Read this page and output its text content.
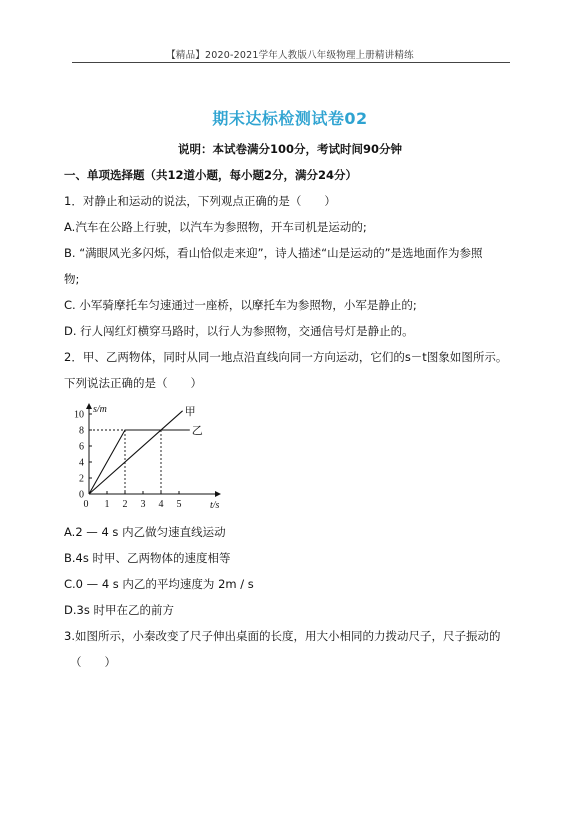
【精品】2020-2021学年人教版八年级物理上册精讲精练
期末达标检测试卷02
说明：本试卷满分100分，考试时间90分钟
一、单项选择题（共12道小题，每小题2分，满分24分）
1．对静止和运动的说法，下列观点正确的是（　　）
A.汽车在公路上行驶，以汽车为参照物，开车司机是运动的;
B. “满眼风光多闪烁，看山恰似走来迎”，诗人描述“山是运动的”是选地面作为参照
物;
C. 小军骑摩托车匀速通过一座桥，以摩托车为参照物，小军是静止的;
D. 行人闯红灯横穿马路时，以行人为参照物，交通信号灯是静止的。
2．甲、乙两物体，同时从同一地点沿直线向同一方向运动，它们的s－t图象如图所示。
下列说法正确的是（　　）
0
2
4
6
8
10
0 1 2 3 4 5
甲
乙
s/m
t/s
A.2 — 4 s 内乙做匀速直线运动
B.4s 时甲、乙两物体的速度相等
C.0 — 4 s 内乙的平均速度为 2m / s
D.3s 时甲在乙的前方
3.如图所示，小秦改变了尺子伸出桌面的长度，用大小相同的力拨动尺子，尺子振动的
（　　）
